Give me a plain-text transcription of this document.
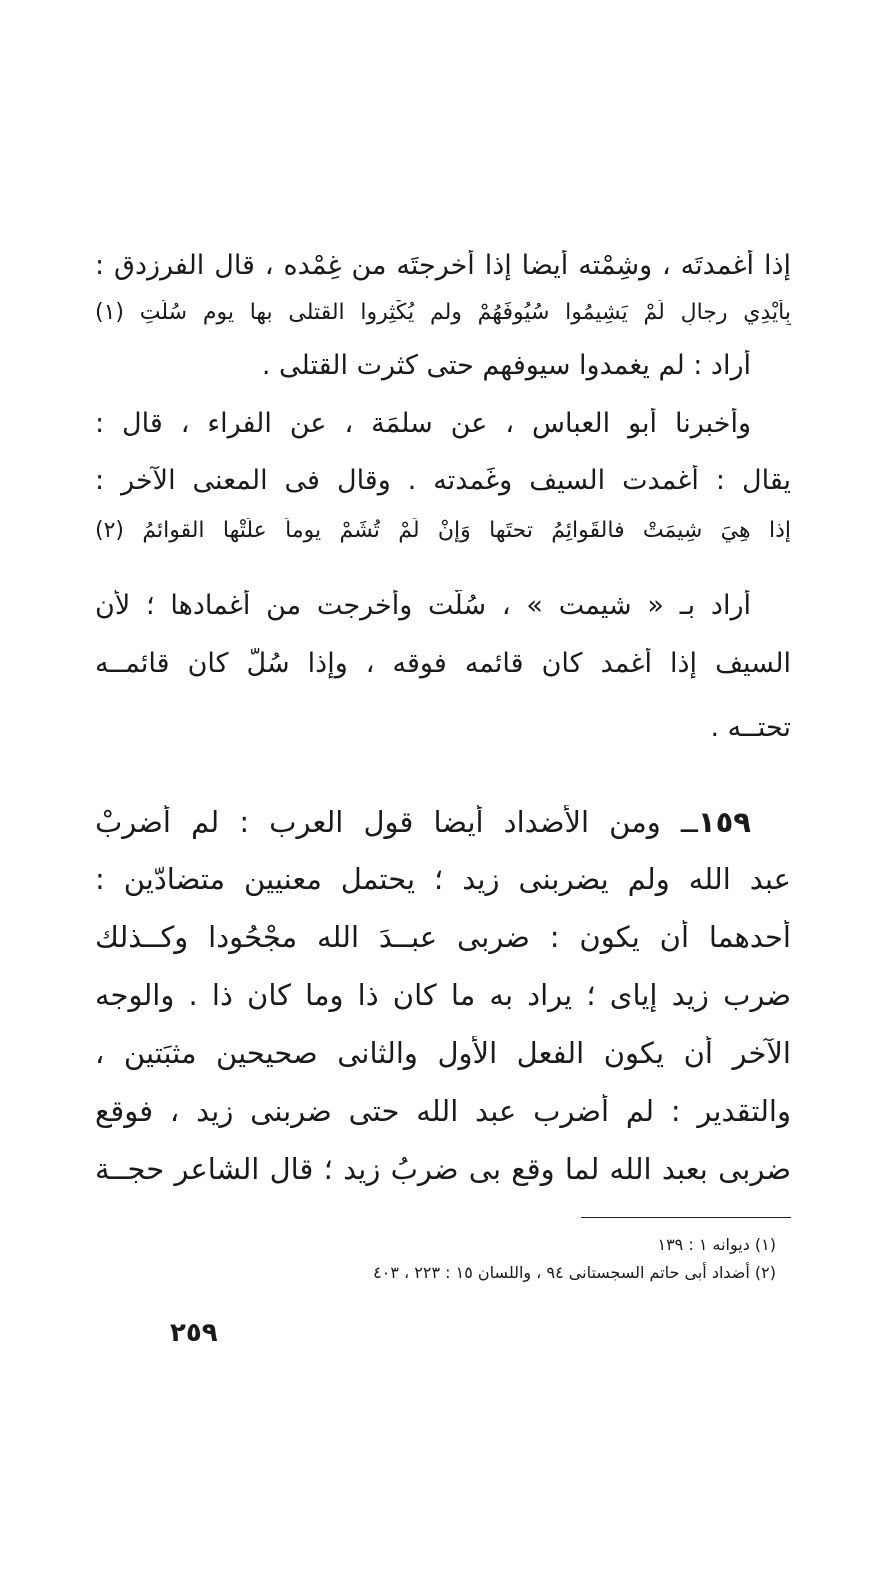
إذا أغمدتَه ، وشِمْته أيضا إذا أخرجتَه من غِمْده ، قال الفرزدق :
بِأَيْدِي رجالٍ لَمْ يَشِيمُوا سُيُوفَهُمْ ولم يُكْثِروا القتلى بها يوم سُلَّتِ (١)
أراد : لم يغمدوا سيوفهم حتى كثرت القتلى .
وأخبرنا أبو العباس ، عن سلمَة ، عن الفراء ، قال :
يقال : أغمدت السيف وغَمدته . وقال فى المعنى الآخر :
إذا هِيَ شِيمَتْ فالقَوائِمُ تحتَها وَإنْ لَمْ تُشَمْ يوماً علَتْها القوائمُ (٢)
أراد بـ « شيمت » ، سُلّت وأُخرجت من أغمادها ؛ لأن
السيف إذا أُغمد كان قائمه فوقه ، وإذا سُلَّ كان قائمــه
تحتــه .
١٥٩ــ ومن الأضداد أيضا قول العرب : لم أضربْ
عبد الله ولم يضربنى زيد ؛ يحتمل معنيين متضادّين :
أحدهما أن يكون : ضربى عبــدَ الله مجْحُودا وكــذلك
ضرب زيد إياى ؛ يراد به ما كان ذا وما كان ذا . والوجه
الآخر أن يكون الفعل الأول والثانى صحيحين مثبَتين ،
والتقدير : لم أضرب عبد الله حتى ضربنى زيد ، فوقع
ضربى بعبد الله لما وقع بى ضربُ زيد ؛ قال الشاعر حجــة
(١) ديوانه ١ : ١٣٩
(٢) أضداد أبى حاتم السجستانى ٩٤ ، واللسان ١٥ : ٢٢٣ ، ٤٠٣
٢٥٩
